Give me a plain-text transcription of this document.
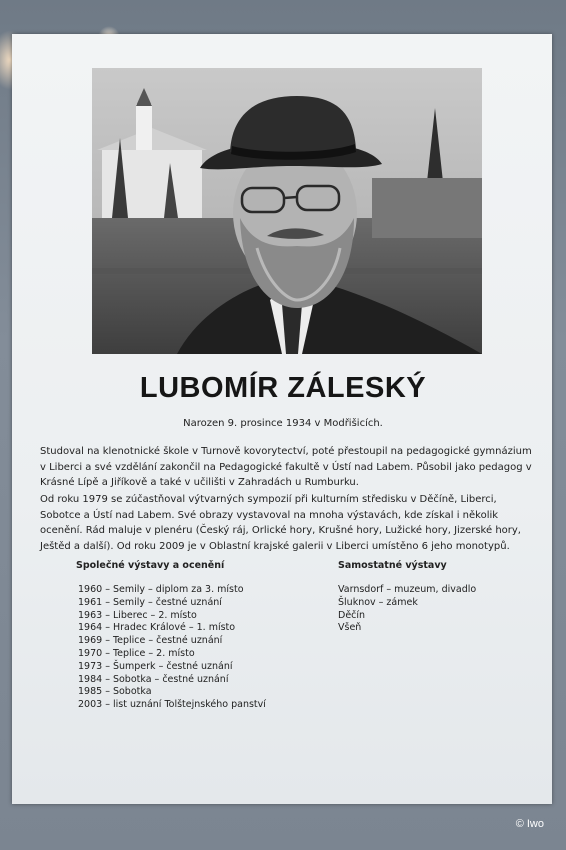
LUBOMÍR ZÁLESKÝ
Narozen 9. prosince 1934 v Modřišicích.
Studoval na klenotnické škole v Turnově kovorytectví, poté přestoupil na pedagogické gymnázium v Liberci a své vzdělání zakončil na Pedagogické fakultě v Ústí nad Labem. Působil jako pedagog v Krásné Lípě a Jiříkově a také v učilišti v Zahradách u Rumburku.
Od roku 1979 se zúčastňoval výtvarných sympozií při kulturním středisku v Děčíně, Liberci, Sobotce a Ústí nad Labem. Své obrazy vystavoval na mnoha výstavách, kde získal i několik ocenění. Rád maluje v plenéru (Český ráj, Orlické hory, Krušné hory, Lužické hory, Jizerské hory, Ještěd a další). Od roku 2009 je v Oblastní krajské galerii v Liberci umístěno 6 jeho monotypů.
Společné výstavy a ocenění
1960 – Semily – diplom za 3. místo
1961 – Semily – čestné uznání
1963 – Liberec – 2. místo
1964 – Hradec Králové – 1. místo
1969 – Teplice – čestné uznání
1970 – Teplice – 2. místo
1973 – Šumperk – čestné uznání
1984 – Sobotka – čestné uznání
1985 – Sobotka
2003 – list uznání Tolštejnského panství
Samostatné výstavy
Varnsdorf – muzeum, divadlo
Šluknov – zámek
Děčín
Všeň
© Iwo
